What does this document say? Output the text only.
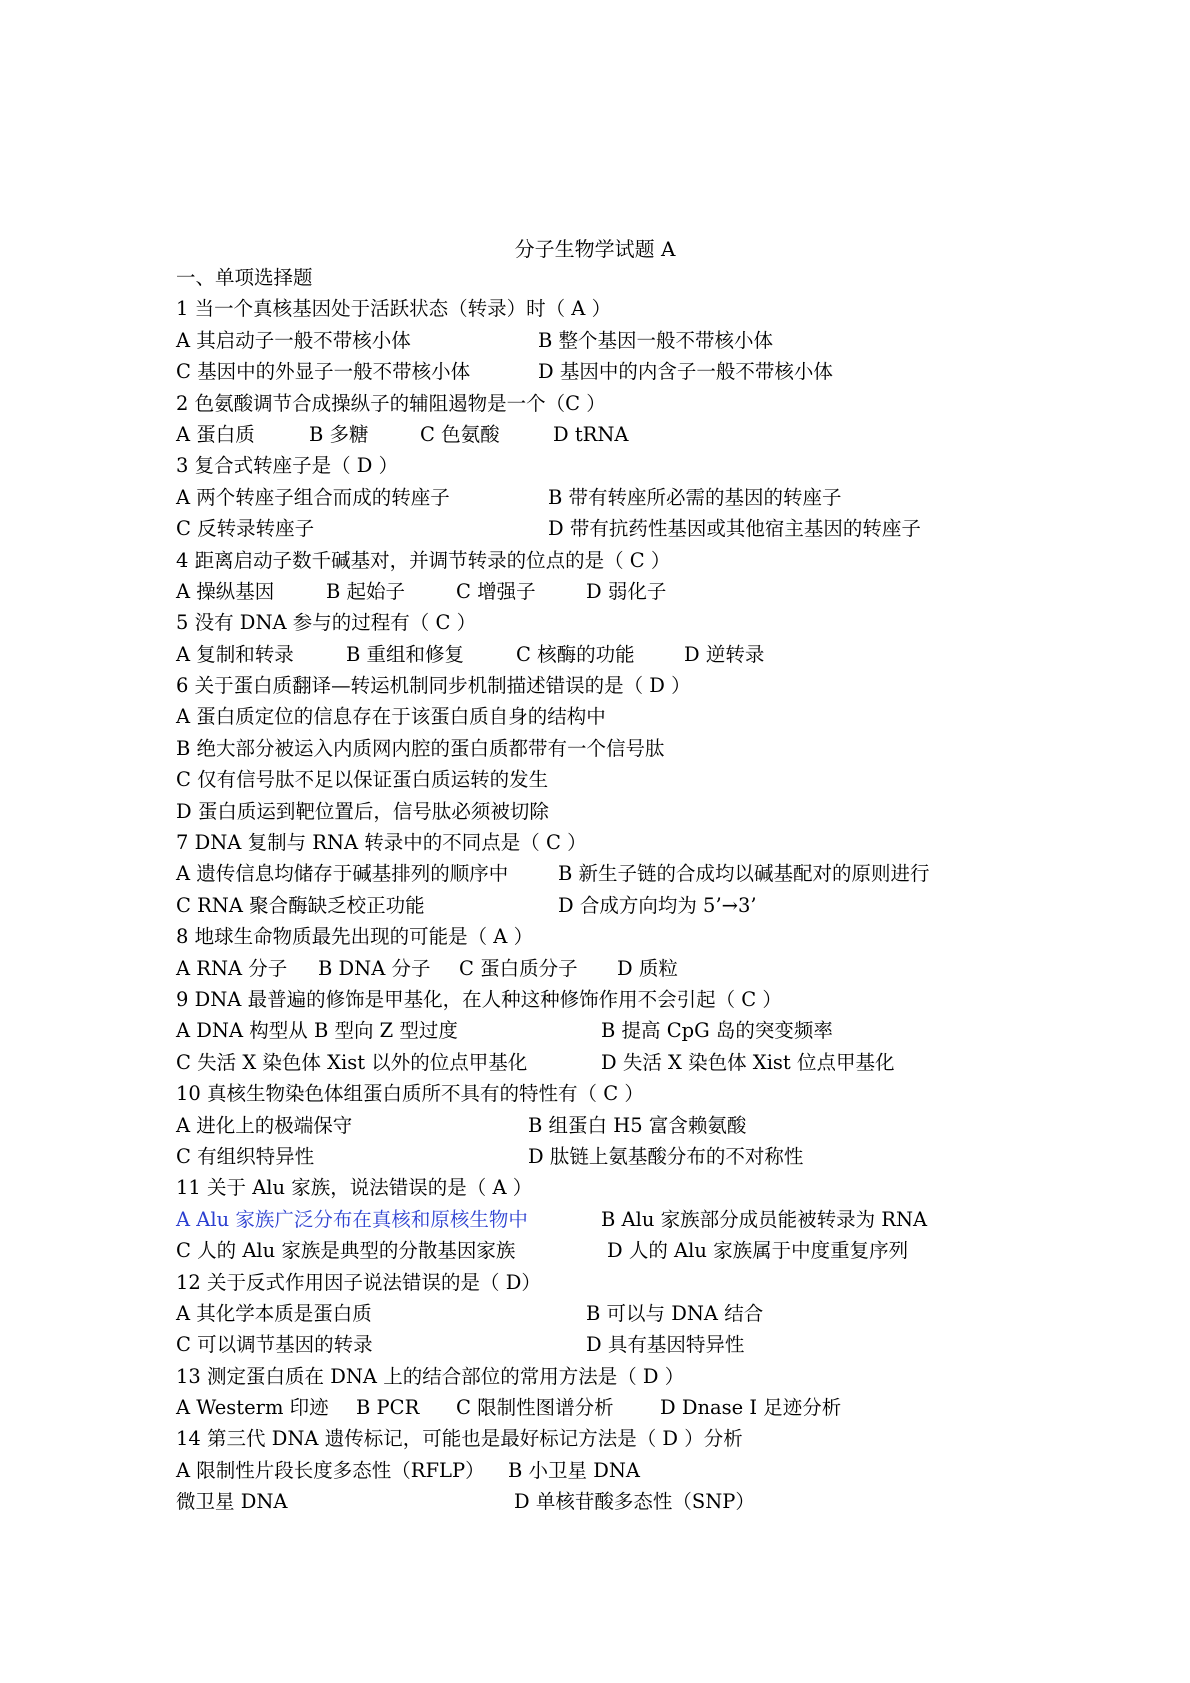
分子生物学试题 A
一、单项选择题
1 当一个真核基因处于活跃状态（转录）时（ A ）
A 其启动子一般不带核小体	B 整个基因一般不带核小体
C 基因中的外显子一般不带核小体	D 基因中的内含子一般不带核小体
2 色氨酸调节合成操纵子的辅阻遏物是一个（C ）
A 蛋白质	B 多糖	C 色氨酸	D tRNA
3 复合式转座子是（ D ）
A 两个转座子组合而成的转座子	B 带有转座所必需的基因的转座子
C 反转录转座子	D 带有抗药性基因或其他宿主基因的转座子
4 距离启动子数千碱基对，并调节转录的位点的是（ C ）
A 操纵基因	B 起始子	C 增强子	D 弱化子
5 没有 DNA 参与的过程有（ C ）
A 复制和转录	B 重组和修复	C 核酶的功能	D 逆转录
6 关于蛋白质翻译—转运机制同步机制描述错误的是（ D ）
A 蛋白质定位的信息存在于该蛋白质自身的结构中
B 绝大部分被运入内质网内腔的蛋白质都带有一个信号肽
C 仅有信号肽不足以保证蛋白质运转的发生
D 蛋白质运到靶位置后，信号肽必须被切除
7 DNA 复制与 RNA 转录中的不同点是（ C ）
A 遗传信息均储存于碱基排列的顺序中	B 新生子链的合成均以碱基配对的原则进行
C RNA 聚合酶缺乏校正功能	D 合成方向均为 5’→3’
8 地球生命物质最先出现的可能是（ A ）
A RNA 分子 B DNA 分子 C 蛋白质分子 D 质粒
9 DNA 最普遍的修饰是甲基化，在人种这种修饰作用不会引起（ C ）
A DNA 构型从 B 型向 Z 型过度	B 提高 CpG 岛的突变频率
C 失活 X 染色体 Xist 以外的位点甲基化	D 失活 X 染色体 Xist 位点甲基化
10 真核生物染色体组蛋白质所不具有的特性有（ C ）
A 进化上的极端保守	B 组蛋白 H5 富含赖氨酸
C 有组织特异性	D 肽链上氨基酸分布的不对称性
11 关于 Alu 家族，说法错误的是（ A ）
A Alu 家族广泛分布在真核和原核生物中	B Alu 家族部分成员能被转录为 RNA
C 人的 Alu 家族是典型的分散基因家族	D 人的 Alu 家族属于中度重复序列
12 关于反式作用因子说法错误的是（ D）
A 其化学本质是蛋白质	B 可以与 DNA 结合
C 可以调节基因的转录	D 具有基因特异性
13 测定蛋白质在 DNA 上的结合部位的常用方法是（ D ）
A Westerm 印迹 B PCR C 限制性图谱分析 D Dnase I 足迹分析
14 第三代 DNA 遗传标记，可能也是最好标记方法是（ D ）分析
A 限制性片段长度多态性（RFLP） B 小卫星 DNA
微卫星 DNA	D 单核苷酸多态性（SNP）
